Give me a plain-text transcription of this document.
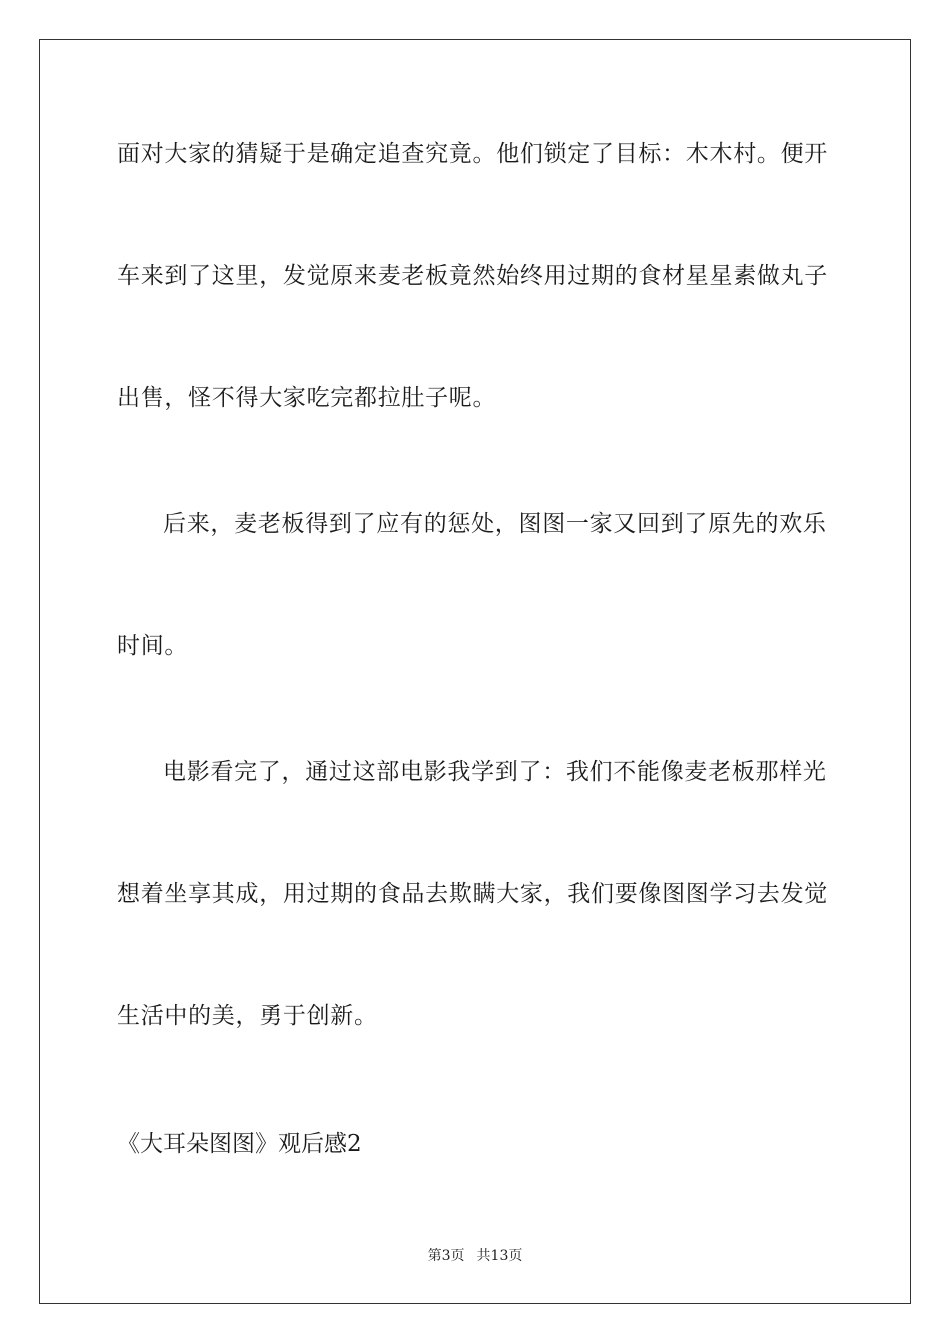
面对大家的猜疑于是确定追查究竟。他们锁定了目标：木木村。便开
车来到了这里，发觉原来麦老板竟然始终用过期的食材星星素做丸子
出售，怪不得大家吃完都拉肚子呢。
后来，麦老板得到了应有的惩处，图图一家又回到了原先的欢乐
时间。
电影看完了，通过这部电影我学到了：我们不能像麦老板那样光
想着坐享其成，用过期的食品去欺瞒大家，我们要像图图学习去发觉
生活中的美，勇于创新。
《大耳朵图图》观后感2
第3页 共13页
